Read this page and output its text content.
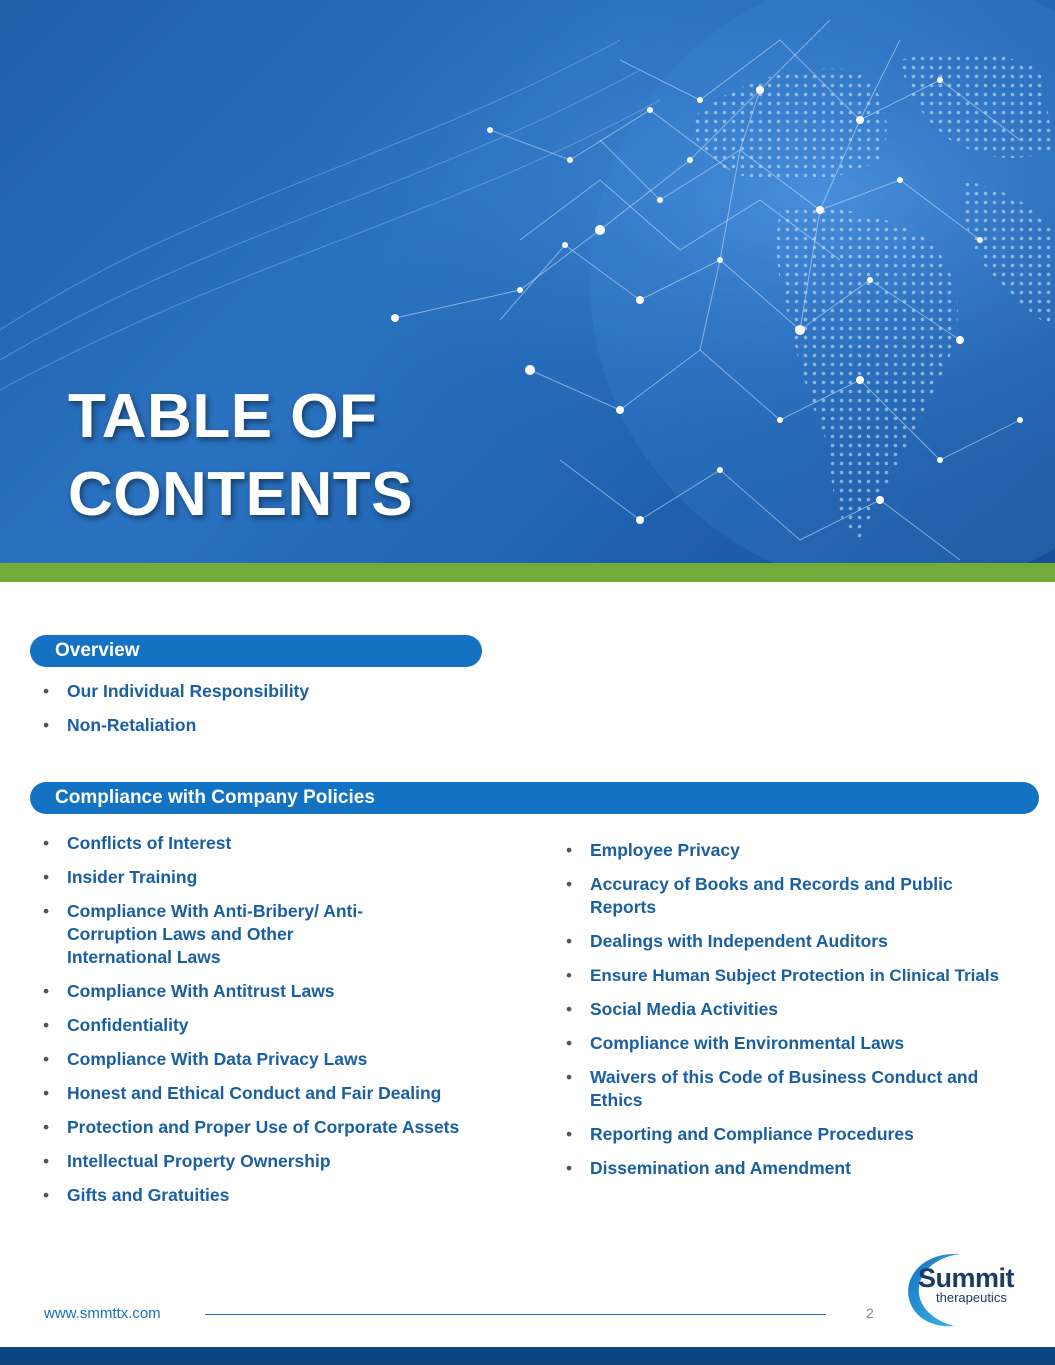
TABLE OF
CONTENTS
Overview
• Our Individual Responsibility
• Non-Retaliation
Compliance with Company Policies
• Conflicts of Interest
• Insider Training
• Compliance With Anti-Bribery/ Anti-Corruption Laws and Other International Laws
• Compliance With Antitrust Laws
• Confidentiality
• Compliance With Data Privacy Laws
• Honest and Ethical Conduct and Fair Dealing
• Protection and Proper Use of Corporate Assets
• Intellectual Property Ownership
• Gifts and Gratuities
• Employee Privacy
• Accuracy of Books and Records and Public Reports
• Dealings with Independent Auditors
• Ensure Human Subject Protection in Clinical Trials
• Social Media Activities
• Compliance with Environmental Laws
• Waivers of this Code of Business Conduct and Ethics
• Reporting and Compliance Procedures
• Dissemination and Amendment
Summit
therapeutics
www.smmttx.com	2
